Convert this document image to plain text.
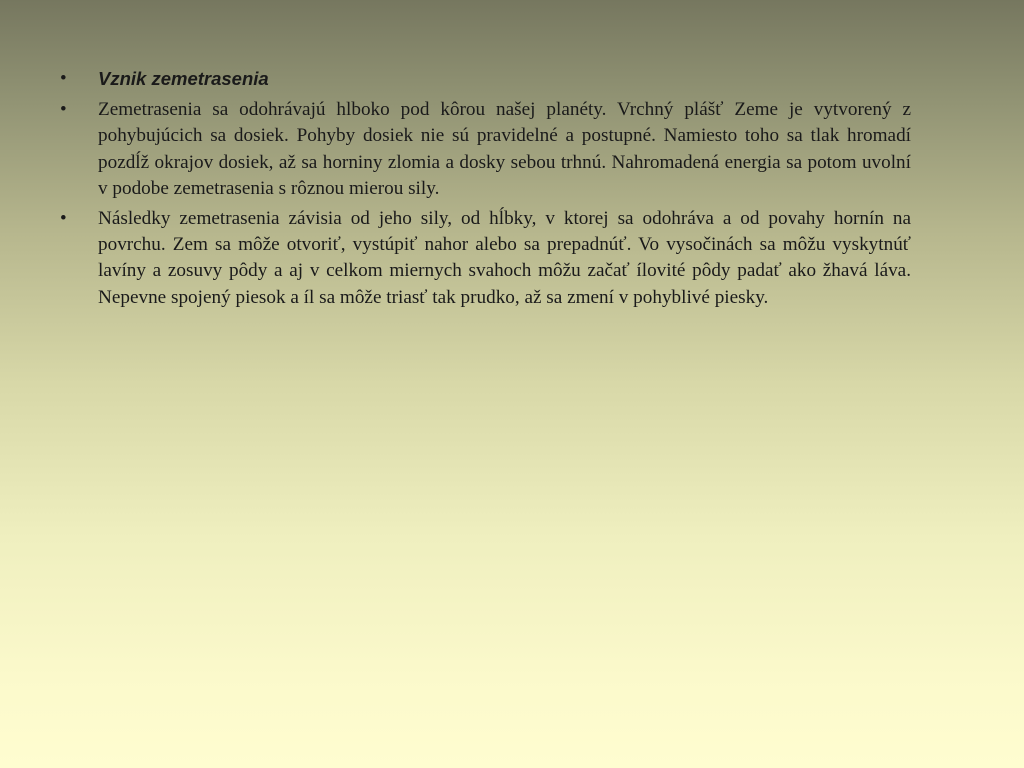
•	Vznik zemetrasenia
•	Zemetrasenia sa odohrávajú hlboko pod kôrou našej planéty. Vrchný plášť Zeme je vytvorený z pohybujúcich sa dosiek. Pohyby dosiek nie sú pravidelné a postupné. Namiesto toho sa tlak hromadí pozdĺž okrajov dosiek, až sa horniny zlomia a dosky sebou trhnú. Nahromadená energia sa potom uvolní v podobe zemetrasenia s rôznou mierou sily.
•	Následky zemetrasenia závisia od jeho sily, od hĺbky, v ktorej sa odohráva a od povahy hornín na povrchu. Zem sa môže otvoriť, vystúpiť nahor alebo sa prepadnúť. Vo vysočinách sa môžu vyskytnúť lavíny a zosuvy pôdy a aj v celkom miernych svahoch môžu začať ílovité pôdy padať ako žhavá láva. Nepevne spojený piesok a íl sa môže triasť tak prudko, až sa zmení v pohyblivé piesky.
